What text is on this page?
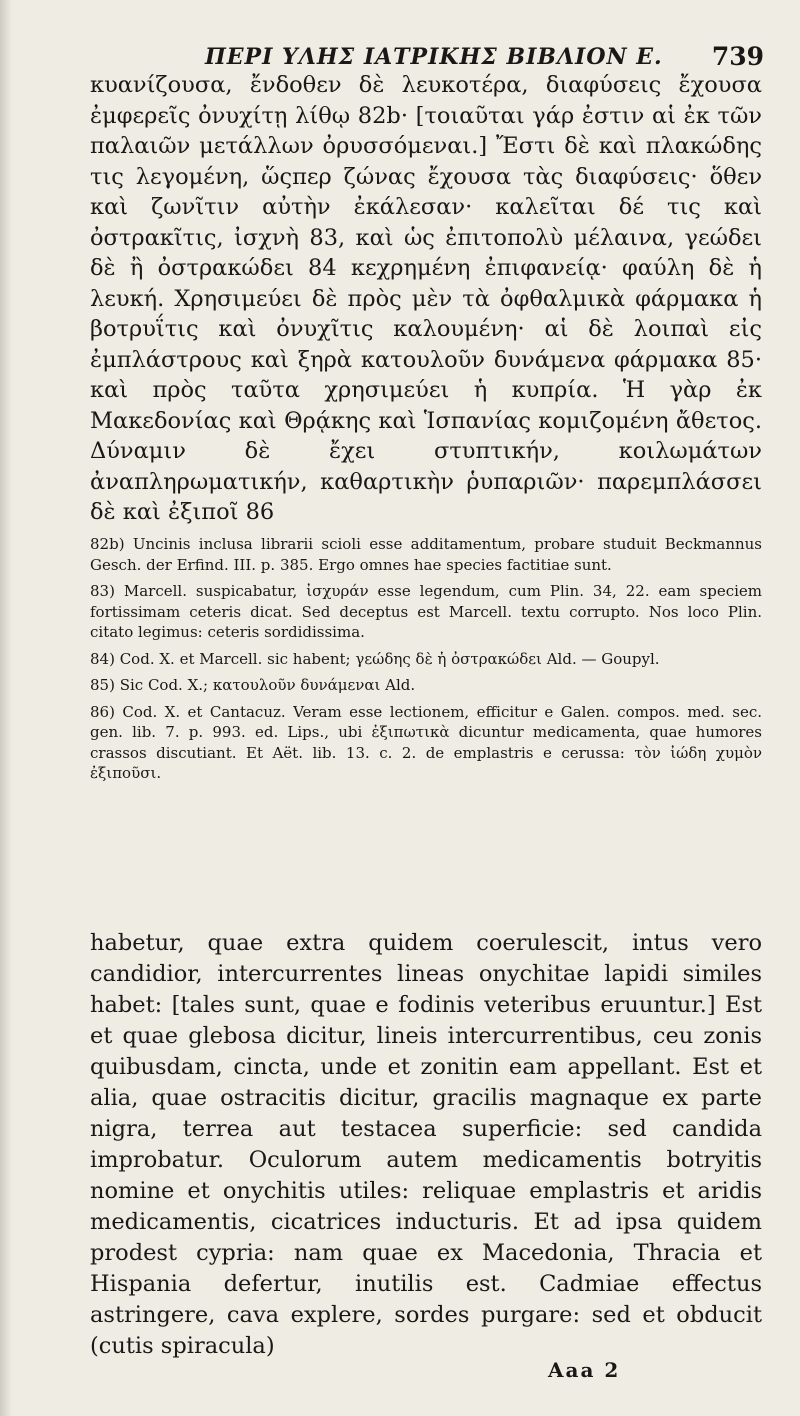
ΠΕΡΙ ΥΛΗΣ ΙΑΤΡΙΚΗΣ ΒΙΒΛΙΟΝ Ε. 739

κυανίζουσα, ἔνδοθεν δὲ λευκοτέρα, διαφύσεις ἔχουσα ἐμφερεῖς ὀνυχίτῃ λίθῳ 82b· [τοιαῦται γάρ ἐστιν αἱ ἐκ τῶν παλαιῶν μετάλλων ὀρυσσόμεναι.] Ἔστι δὲ καὶ πλακώδης τις λεγομένη, ὥςπερ ζώνας ἔχουσα τὰς διαφύσεις· ὅθεν καὶ ζωνῖτιν αὐτὴν ἐκάλεσαν· καλεῖται δέ τις καὶ ὀστρακῖτις, ἰσχνὴ 83, καὶ ὡς ἐπιτοπολὺ μέλαινα, γεώδει δὲ ἢ ὀστρακώδει 84 κεχρημένη ἐπιφανείᾳ· φαύλη δὲ ἡ λευκή. Χρησιμεύει δὲ πρὸς μὲν τὰ ὀφθαλμικὰ φάρμακα ἡ βοτρυΐτις καὶ ὀνυχῖτις καλουμένη· αἱ δὲ λοιπαὶ εἰς ἐμπλάστρους καὶ ξηρὰ κατουλοῦν δυνάμενα φάρμακα 85· καὶ πρὸς ταῦτα χρησιμεύει ἡ κυπρία. Ἡ γὰρ ἐκ Μακεδονίας καὶ Θρᾴκης καὶ Ἱσπανίας κομιζομένη ἄθετος. Δύναμιν δὲ ἔχει στυπτικήν, κοιλωμάτων ἀναπληρωματικήν, καθαρτικὴν ῥυπαριῶν· παρεμπλάσσει δὲ καὶ ἐξιποῖ 86

82b) Uncinis inclusa librarii scioli esse additamentum, probare studuit Beckmannus Gesch. der Erfind. III. p. 385. Ergo omnes hae species factitiae sunt.

83) Marcell. suspicabatur, ἰσχυράν esse legendum, cum Plin. 34, 22. eam speciem fortissimam ceteris dicat. Sed deceptus est Marcell. textu corrupto. Nos loco Plin. citato legimus: ceteris sordidissima.

84) Cod. X. et Marcell. sic habent; γεώδης δὲ ἡ ὀστρακώδει Ald. — Goupyl.

85) Sic Cod. X.; κατουλοῦν δυνάμεναι Ald.

86) Cod. X. et Cantacuz. Veram esse lectionem, efficitur e Galen. compos. med. sec. gen. lib. 7. p. 993. ed. Lips., ubi ἐξιπωτικὰ dicuntur medicamenta, quae humores crassos discutiant. Et Aët. lib. 13. c. 2. de emplastris e cerussa: τὸν ἰώδη χυμὸν ἐξιποῦσι.

habetur, quae extra quidem coerulescit, intus vero candidior, intercurrentes lineas onychitae lapidi similes habet: [tales sunt, quae e fodinis veteribus eruuntur.] Est et quae glebosa dicitur, lineis intercurrentibus, ceu zonis quibusdam, cincta, unde et zonitin eam appellant. Est et alia, quae ostracitis dicitur, gracilis magnaque ex parte nigra, terrea aut testacea superficie: sed candida improbatur. Oculorum autem medicamentis botryitis nomine et onychitis utiles: reliquae emplastris et aridis medicamentis, cicatrices inducturis. Et ad ipsa quidem prodest cypria: nam quae ex Macedonia, Thracia et Hispania defertur, inutilis est. Cadmiae effectus astringere, cava explere, sordes purgare: sed et obducit (cutis spiracula)

Aaa 2
